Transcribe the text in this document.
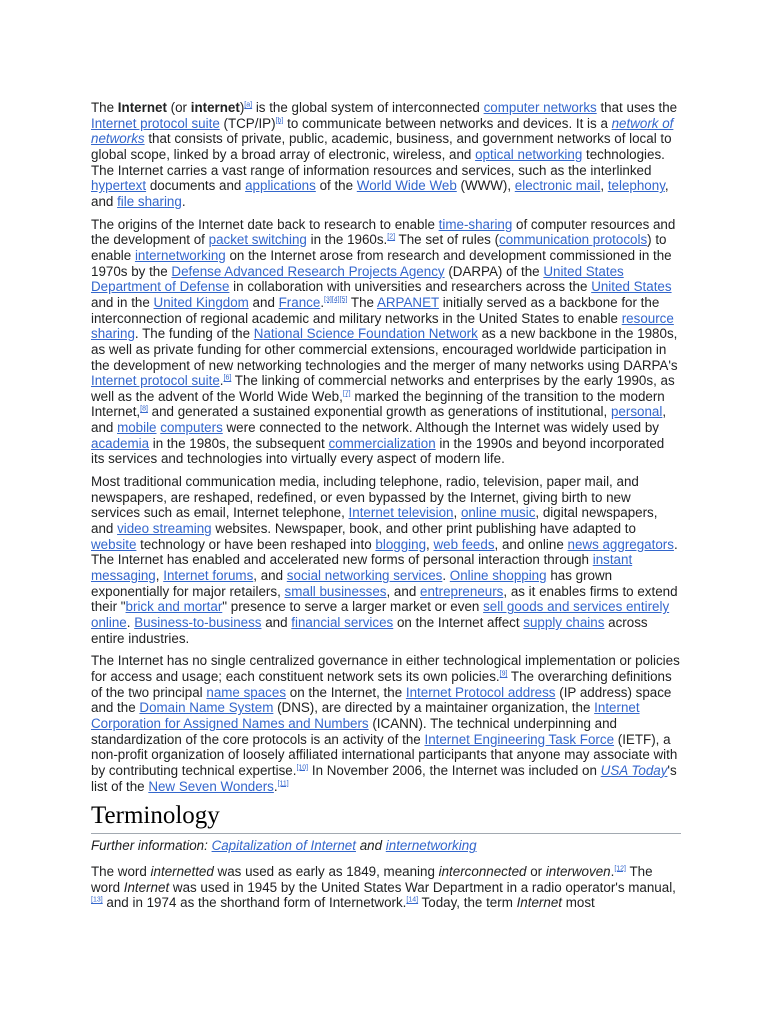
The Internet (or internet)[a] is the global system of interconnected computer networks that uses the Internet protocol suite (TCP/IP)[b] to communicate between networks and devices. It is a network of networks that consists of private, public, academic, business, and government networks of local to global scope, linked by a broad array of electronic, wireless, and optical networking technologies. The Internet carries a vast range of information resources and services, such as the interlinked hypertext documents and applications of the World Wide Web (WWW), electronic mail, telephony, and file sharing.

The origins of the Internet date back to research to enable time-sharing of computer resources and the development of packet switching in the 1960s.[2] The set of rules (communication protocols) to enable internetworking on the Internet arose from research and development commissioned in the 1970s by the Defense Advanced Research Projects Agency (DARPA) of the United States Department of Defense in collaboration with universities and researchers across the United States and in the United Kingdom and France.[3][4][5] The ARPANET initially served as a backbone for the interconnection of regional academic and military networks in the United States to enable resource sharing. The funding of the National Science Foundation Network as a new backbone in the 1980s, as well as private funding for other commercial extensions, encouraged worldwide participation in the development of new networking technologies and the merger of many networks using DARPA's Internet protocol suite.[6] The linking of commercial networks and enterprises by the early 1990s, as well as the advent of the World Wide Web,[7] marked the beginning of the transition to the modern Internet,[8] and generated a sustained exponential growth as generations of institutional, personal, and mobile computers were connected to the network. Although the Internet was widely used by academia in the 1980s, the subsequent commercialization in the 1990s and beyond incorporated its services and technologies into virtually every aspect of modern life.

Most traditional communication media, including telephone, radio, television, paper mail, and newspapers, are reshaped, redefined, or even bypassed by the Internet, giving birth to new services such as email, Internet telephone, Internet television, online music, digital newspapers, and video streaming websites. Newspaper, book, and other print publishing have adapted to website technology or have been reshaped into blogging, web feeds, and online news aggregators. The Internet has enabled and accelerated new forms of personal interaction through instant messaging, Internet forums, and social networking services. Online shopping has grown exponentially for major retailers, small businesses, and entrepreneurs, as it enables firms to extend their "brick and mortar" presence to serve a larger market or even sell goods and services entirely online. Business-to-business and financial services on the Internet affect supply chains across entire industries.

The Internet has no single centralized governance in either technological implementation or policies for access and usage; each constituent network sets its own policies.[9] The overarching definitions of the two principal name spaces on the Internet, the Internet Protocol address (IP address) space and the Domain Name System (DNS), are directed by a maintainer organization, the Internet Corporation for Assigned Names and Numbers (ICANN). The technical underpinning and standardization of the core protocols is an activity of the Internet Engineering Task Force (IETF), a non-profit organization of loosely affiliated international participants that anyone may associate with by contributing technical expertise.[10] In November 2006, the Internet was included on USA Today's list of the New Seven Wonders.[11]

Terminology
Further information: Capitalization of Internet and internetworking

The word internetted was used as early as 1849, meaning interconnected or interwoven.[12] The word Internet was used in 1945 by the United States War Department in a radio operator's manual,[13] and in 1974 as the shorthand form of Internetwork.[14] Today, the term Internet most
